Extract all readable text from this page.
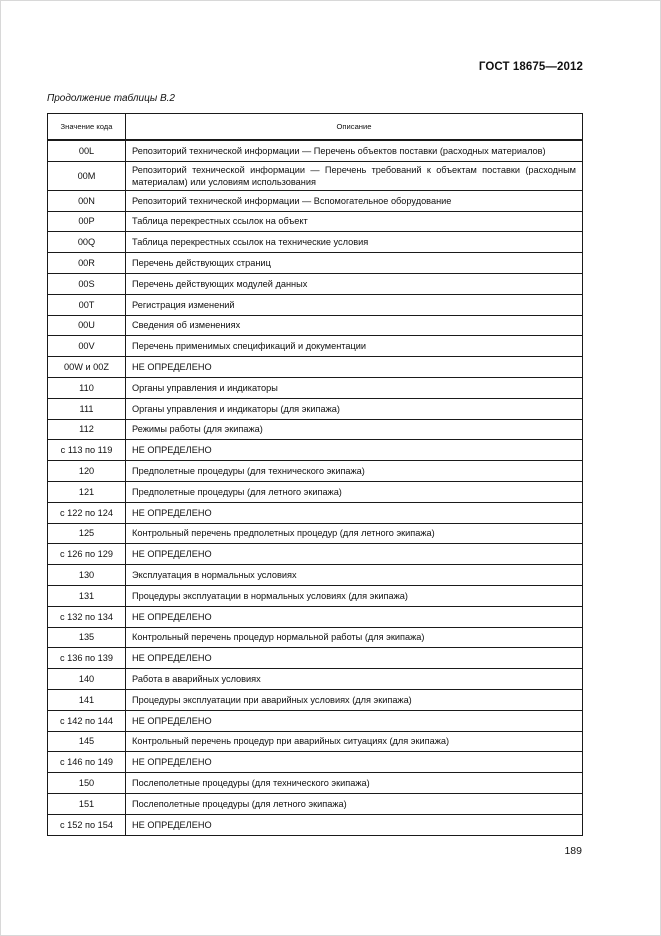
ГОСТ 18675—2012
Продолжение таблицы В.2
Значение кода	Описание
00L	Репозиторий технической информации — Перечень объектов поставки (расходных материалов)
00M	Репозиторий технической информации — Перечень требований к объектам поставки (расходным материалам) или условиям использования
00N	Репозиторий технической информации — Вспомогательное оборудование
00P	Таблица перекрестных ссылок на объект
00Q	Таблица перекрестных ссылок на технические условия
00R	Перечень действующих страниц
00S	Перечень действующих модулей данных
00T	Регистрация изменений
00U	Сведения об изменениях
00V	Перечень применимых спецификаций и документации
00W и 00Z	НЕ ОПРЕДЕЛЕНО
110	Органы управления и индикаторы
111	Органы управления и индикаторы (для экипажа)
112	Режимы работы (для экипажа)
с 113 по 119	НЕ ОПРЕДЕЛЕНО
120	Предполетные процедуры (для технического экипажа)
121	Предполетные процедуры (для летного экипажа)
с 122 по 124	НЕ ОПРЕДЕЛЕНО
125	Контрольный перечень предполетных процедур (для летного экипажа)
с 126 по 129	НЕ ОПРЕДЕЛЕНО
130	Эксплуатация в нормальных условиях
131	Процедуры эксплуатации в нормальных условиях (для экипажа)
с 132 по 134	НЕ ОПРЕДЕЛЕНО
135	Контрольный перечень процедур нормальной работы (для экипажа)
с 136 по 139	НЕ ОПРЕДЕЛЕНО
140	Работа в аварийных условиях
141	Процедуры эксплуатации при аварийных условиях (для экипажа)
с 142 по 144	НЕ ОПРЕДЕЛЕНО
145	Контрольный перечень процедур при аварийных ситуациях (для экипажа)
с 146 по 149	НЕ ОПРЕДЕЛЕНО
150	Послеполетные процедуры (для технического экипажа)
151	Послеполетные процедуры (для летного экипажа)
с 152 по 154	НЕ ОПРЕДЕЛЕНО
189
